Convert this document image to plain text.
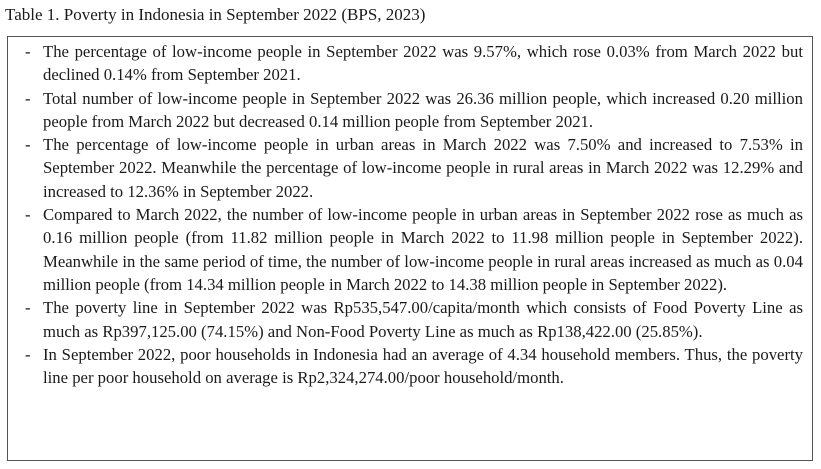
Table 1. Poverty in Indonesia in September 2022 (BPS, 2023)
- The percentage of low-income people in September 2022 was 9.57%, which rose 0.03% from March 2022 but declined 0.14% from September 2021.
- Total number of low-income people in September 2022 was 26.36 million people, which increased 0.20 million people from March 2022 but decreased 0.14 million people from September 2021.
- The percentage of low-income people in urban areas in March 2022 was 7.50% and increased to 7.53% in September 2022. Meanwhile the percentage of low-income people in rural areas in March 2022 was 12.29% and increased to 12.36% in September 2022.
- Compared to March 2022, the number of low-income people in urban areas in September 2022 rose as much as 0.16 million people (from 11.82 million people in March 2022 to 11.98 million people in September 2022). Meanwhile in the same period of time, the number of low-income people in rural areas increased as much as 0.04 million people (from 14.34 million people in March 2022 to 14.38 million people in September 2022).
- The poverty line in September 2022 was Rp535,547.00/capita/month which consists of Food Poverty Line as much as Rp397,125.00 (74.15%) and Non-Food Poverty Line as much as Rp138,422.00 (25.85%).
- In September 2022, poor households in Indonesia had an average of 4.34 household members. Thus, the poverty line per poor household on average is Rp2,324,274.00/poor household/month.
